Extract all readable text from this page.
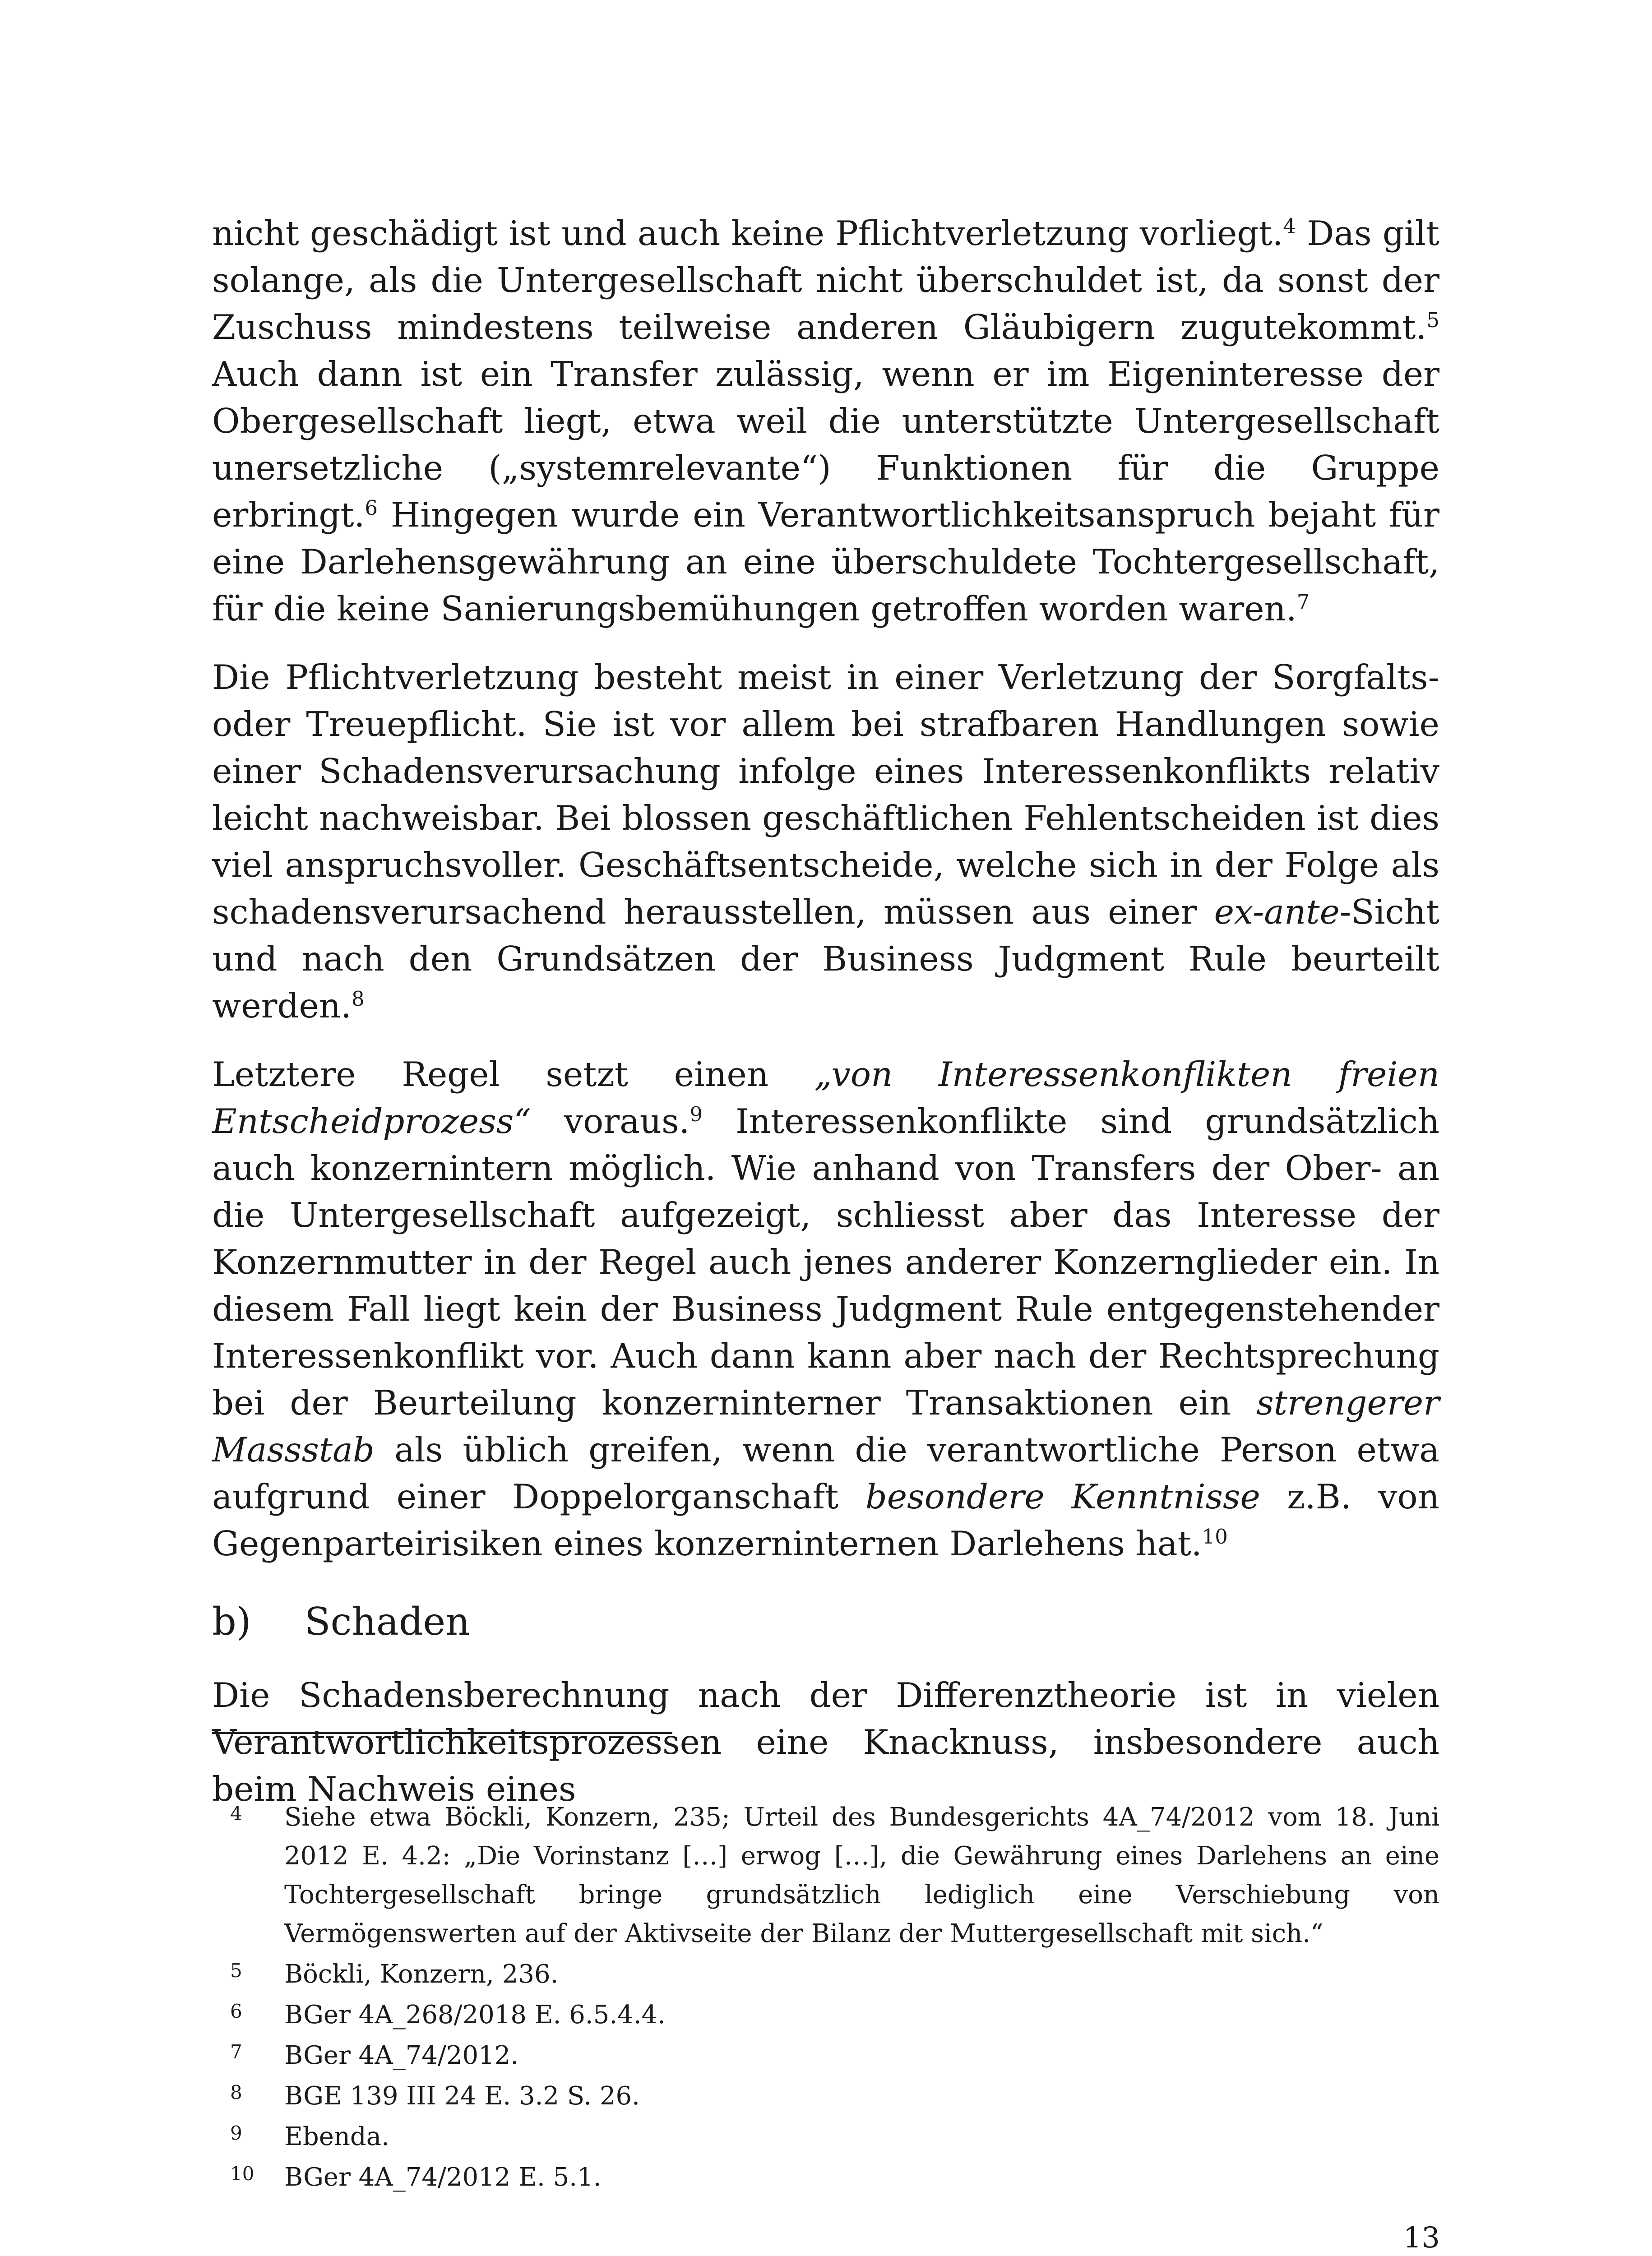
nicht geschädigt ist und auch keine Pflichtverletzung vorliegt.$^4$ Das gilt solange, als die Untergesellschaft nicht überschuldet ist, da sonst der Zuschuss mindestens teilweise anderen Gläubigern zugutekommt.$^5$ Auch dann ist ein Transfer zulässig, wenn er im Eigeninteresse der Obergesellschaft liegt, etwa weil die unterstützte Untergesellschaft unersetzliche („systemrelevante“) Funktionen für die Gruppe erbringt.$^6$ Hingegen wurde ein Verantwortlichkeitsanspruch bejaht für eine Darlehensgewährung an eine überschuldete Tochtergesellschaft, für die keine Sanierungsbemühungen getroffen worden waren.$^7$

Die Pflichtverletzung besteht meist in einer Verletzung der Sorgfalts- oder Treuepflicht. Sie ist vor allem bei strafbaren Handlungen sowie einer Schadensverursachung infolge eines Interessenkonflikts relativ leicht nachweisbar. Bei blossen geschäftlichen Fehlentscheiden ist dies viel anspruchsvoller. Geschäftsentscheide, welche sich in der Folge als schadensverursachend herausstellen, müssen aus einer ex-ante-Sicht und nach den Grundsätzen der Business Judgment Rule beurteilt werden.$^8$

Letztere Regel setzt einen „von Interessenkonflikten freien Entscheidprozess“ voraus.$^9$ Interessenkonflikte sind grundsätzlich auch konzernintern möglich. Wie anhand von Transfers der Ober- an die Untergesellschaft aufgezeigt, schliesst aber das Interesse der Konzernmutter in der Regel auch jenes anderer Konzernglieder ein. In diesem Fall liegt kein der Business Judgment Rule entgegenstehender Interessenkonflikt vor. Auch dann kann aber nach der Rechtsprechung bei der Beurteilung konzerninterner Transaktionen ein strengerer Massstab als üblich greifen, wenn die verantwortliche Person etwa aufgrund einer Doppelorganschaft besondere Kenntnisse z.B. von Gegenparteirisiken eines konzerninternen Darlehens hat.$^{10}$

b)	Schaden

Die Schadensberechnung nach der Differenztheorie ist in vielen Verantwortlichkeitsprozessen eine Knacknuss, insbesondere auch beim Nachweis eines

4	Siehe etwa Böckli, Konzern, 235; Urteil des Bundesgerichts 4A_74/2012 vom 18. Juni 2012 E. 4.2: „Die Vorinstanz […] erwog […], die Gewährung eines Darlehens an eine Tochtergesellschaft bringe grundsätzlich lediglich eine Verschiebung von Vermögenswerten auf der Aktivseite der Bilanz der Muttergesellschaft mit sich.“
5	Böckli, Konzern, 236.
6	BGer 4A_268/2018 E. 6.5.4.4.
7	BGer 4A_74/2012.
8	BGE 139 III 24 E. 3.2 S. 26.
9	Ebenda.
10	BGer 4A_74/2012 E. 5.1.
13
